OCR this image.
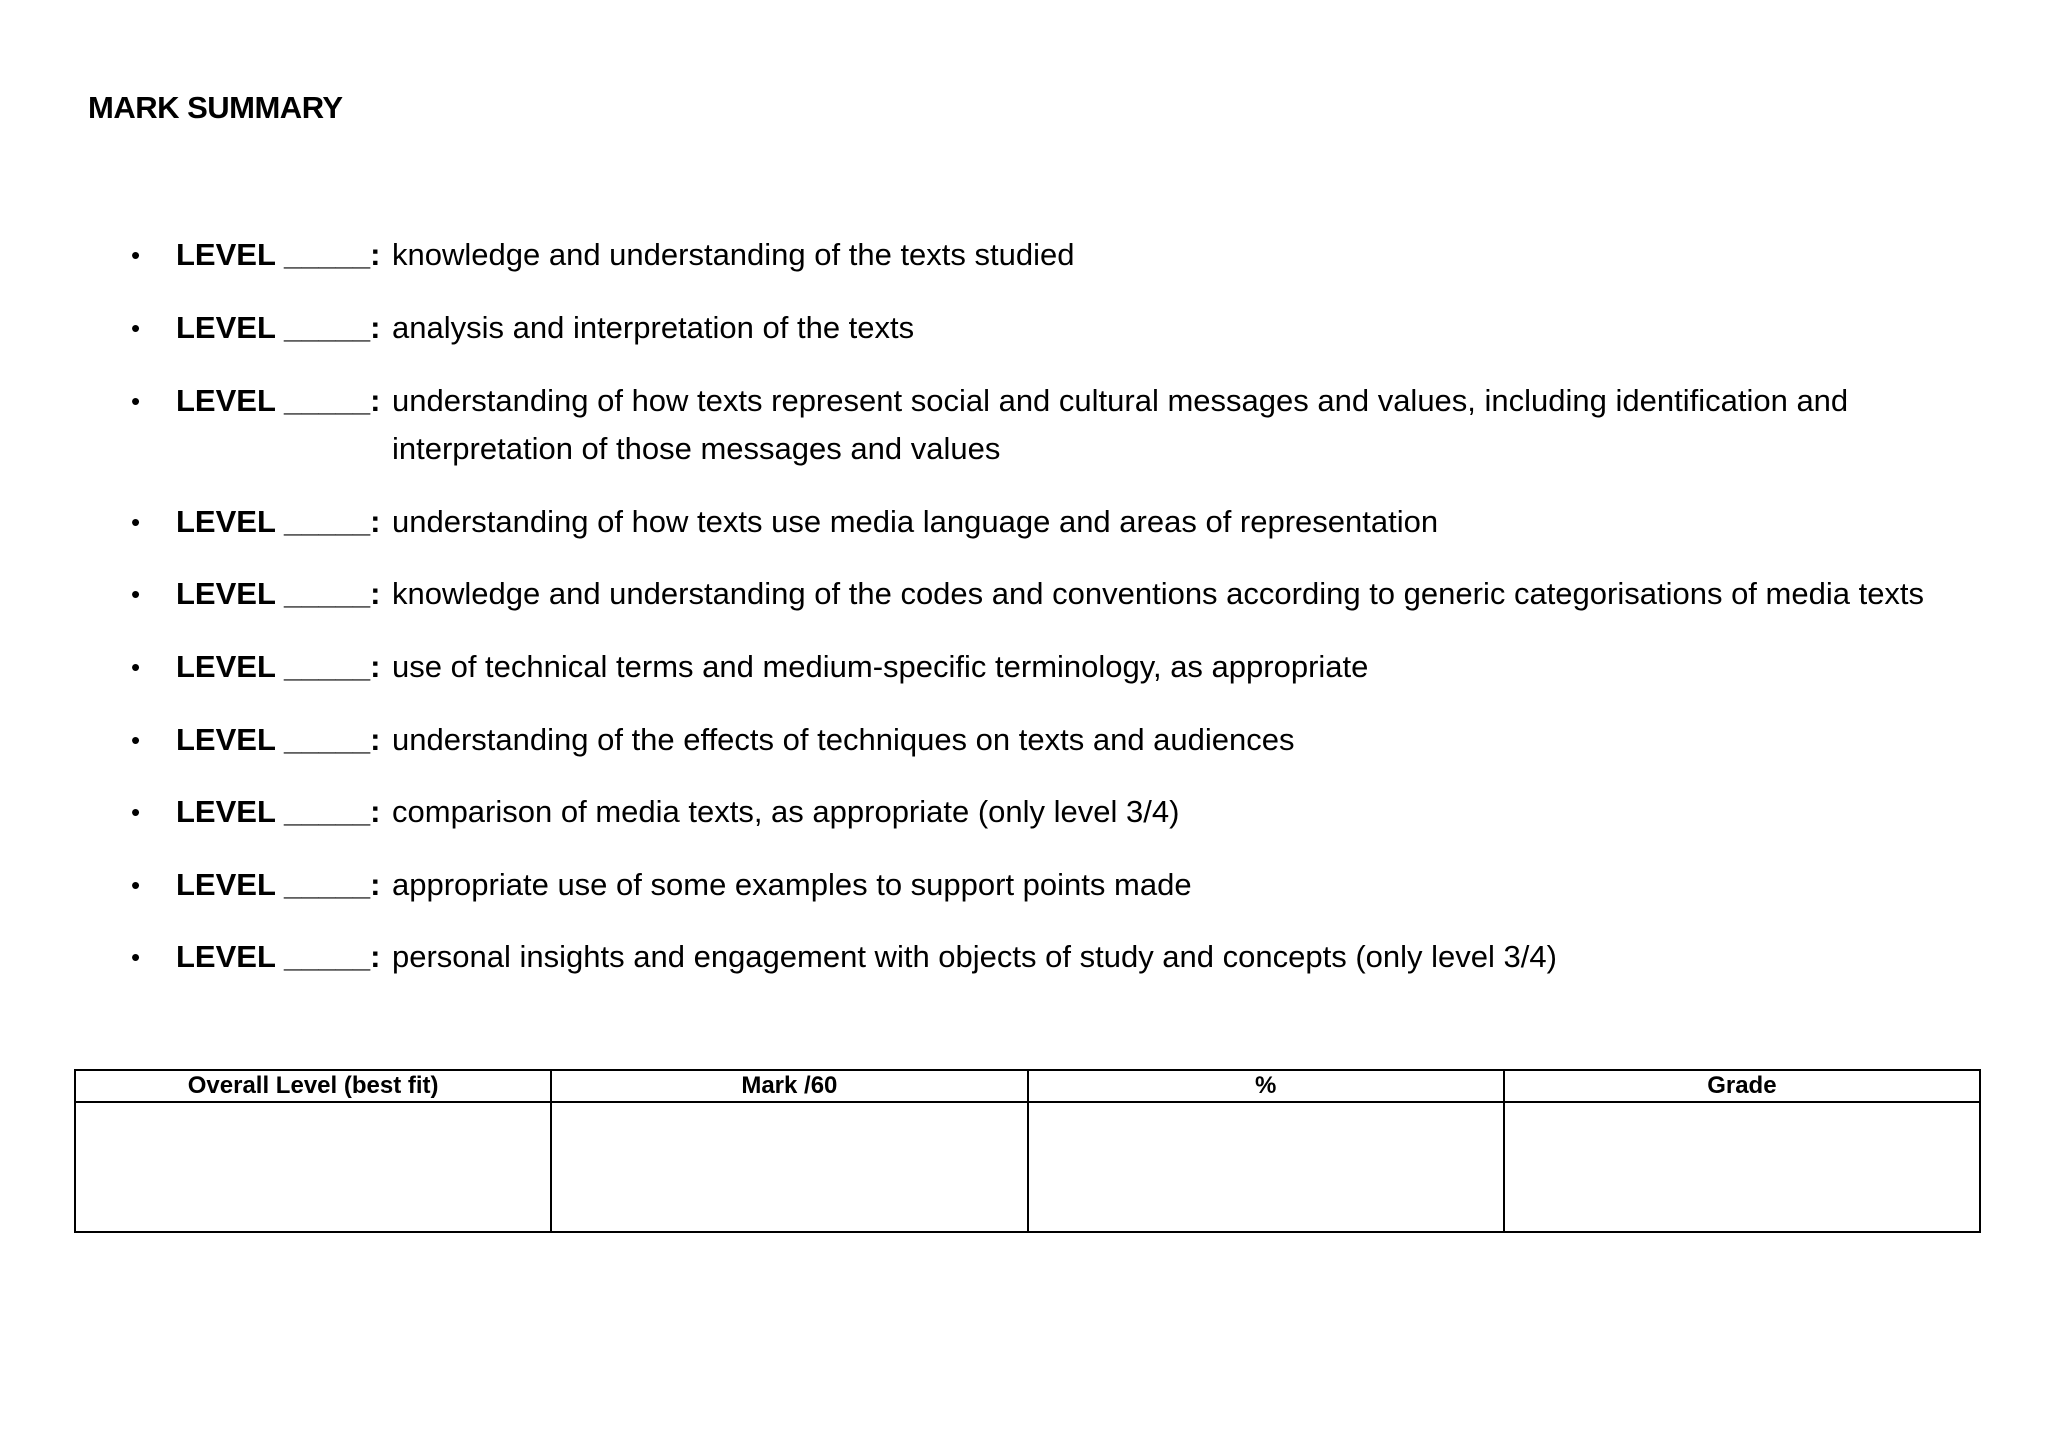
MARK SUMMARY
• LEVEL _____: knowledge and understanding of the texts studied
• LEVEL _____: analysis and interpretation of the texts
• LEVEL _____: understanding of how texts represent social and cultural messages and values, including identification and interpretation of those messages and values
• LEVEL _____: understanding of how texts use media language and areas of representation
• LEVEL _____: knowledge and understanding of the codes and conventions according to generic categorisations of media texts
• LEVEL _____: use of technical terms and medium-specific terminology, as appropriate
• LEVEL _____: understanding of the effects of techniques on texts and audiences
• LEVEL _____: comparison of media texts, as appropriate (only level 3/4)
• LEVEL _____: appropriate use of some examples to support points made
• LEVEL _____: personal insights and engagement with objects of study and concepts (only level 3/4)
Overall Level (best fit)	Mark /60	%	Grade
